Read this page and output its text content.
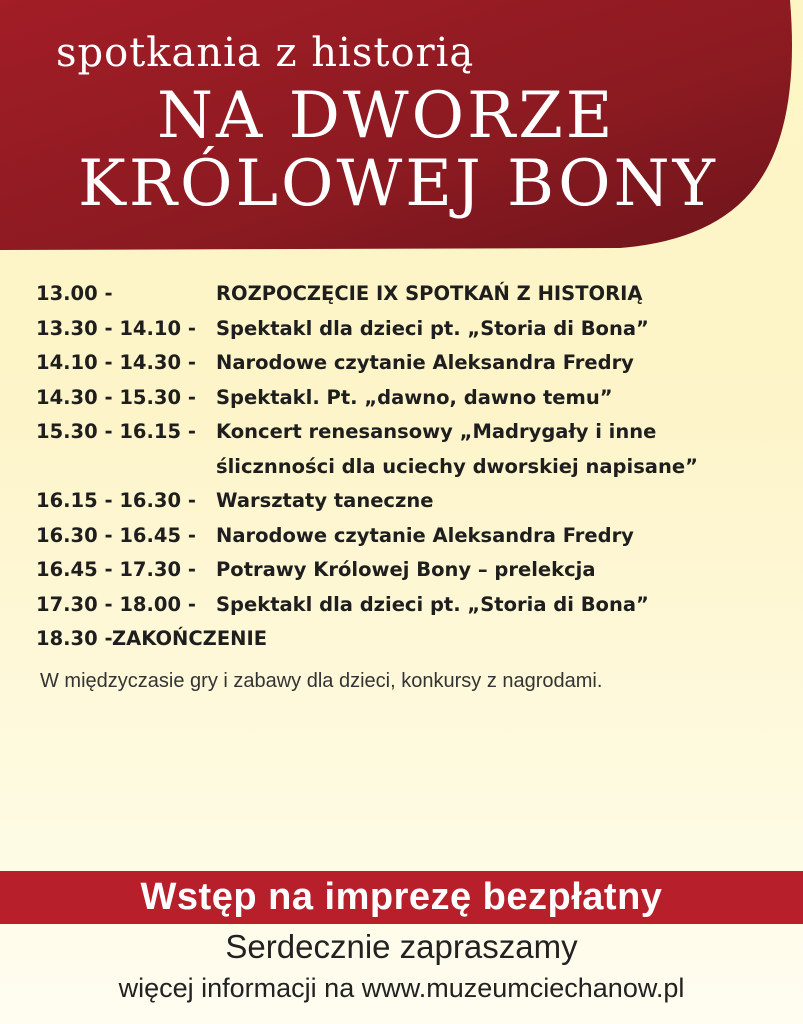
spotkania z historią
NA DWORZE
KRÓLOWEJ BONY
13.00 -	ROZPOCZĘCIE IX SPOTKAŃ Z HISTORIĄ
13.30 - 14.10 - Spektakl dla dzieci pt. „Storia di Bona”
14.10 - 14.30 - Narodowe czytanie Aleksandra Fredry
14.30 - 15.30 - Spektakl. Pt. „dawno, dawno temu”
15.30 - 16.15 - Koncert renesansowy „Madrygały i inne
ślicznności dla uciechy dworskiej napisane”
16.15 - 16.30 - Warsztaty taneczne
16.30 - 16.45 - Narodowe czytanie Aleksandra Fredry
16.45 - 17.30 - Potrawy Królowej Bony – prelekcja
17.30 - 18.00 - Spektakl dla dzieci pt. „Storia di Bona”
18.30 -ZAKOŃCZENIE
W międzyczasie gry i zabawy dla dzieci, konkursy z nagrodami.
Wstęp na imprezę bezpłatny
Serdecznie zapraszamy
więcej informacji na www.muzeumciechanow.pl
